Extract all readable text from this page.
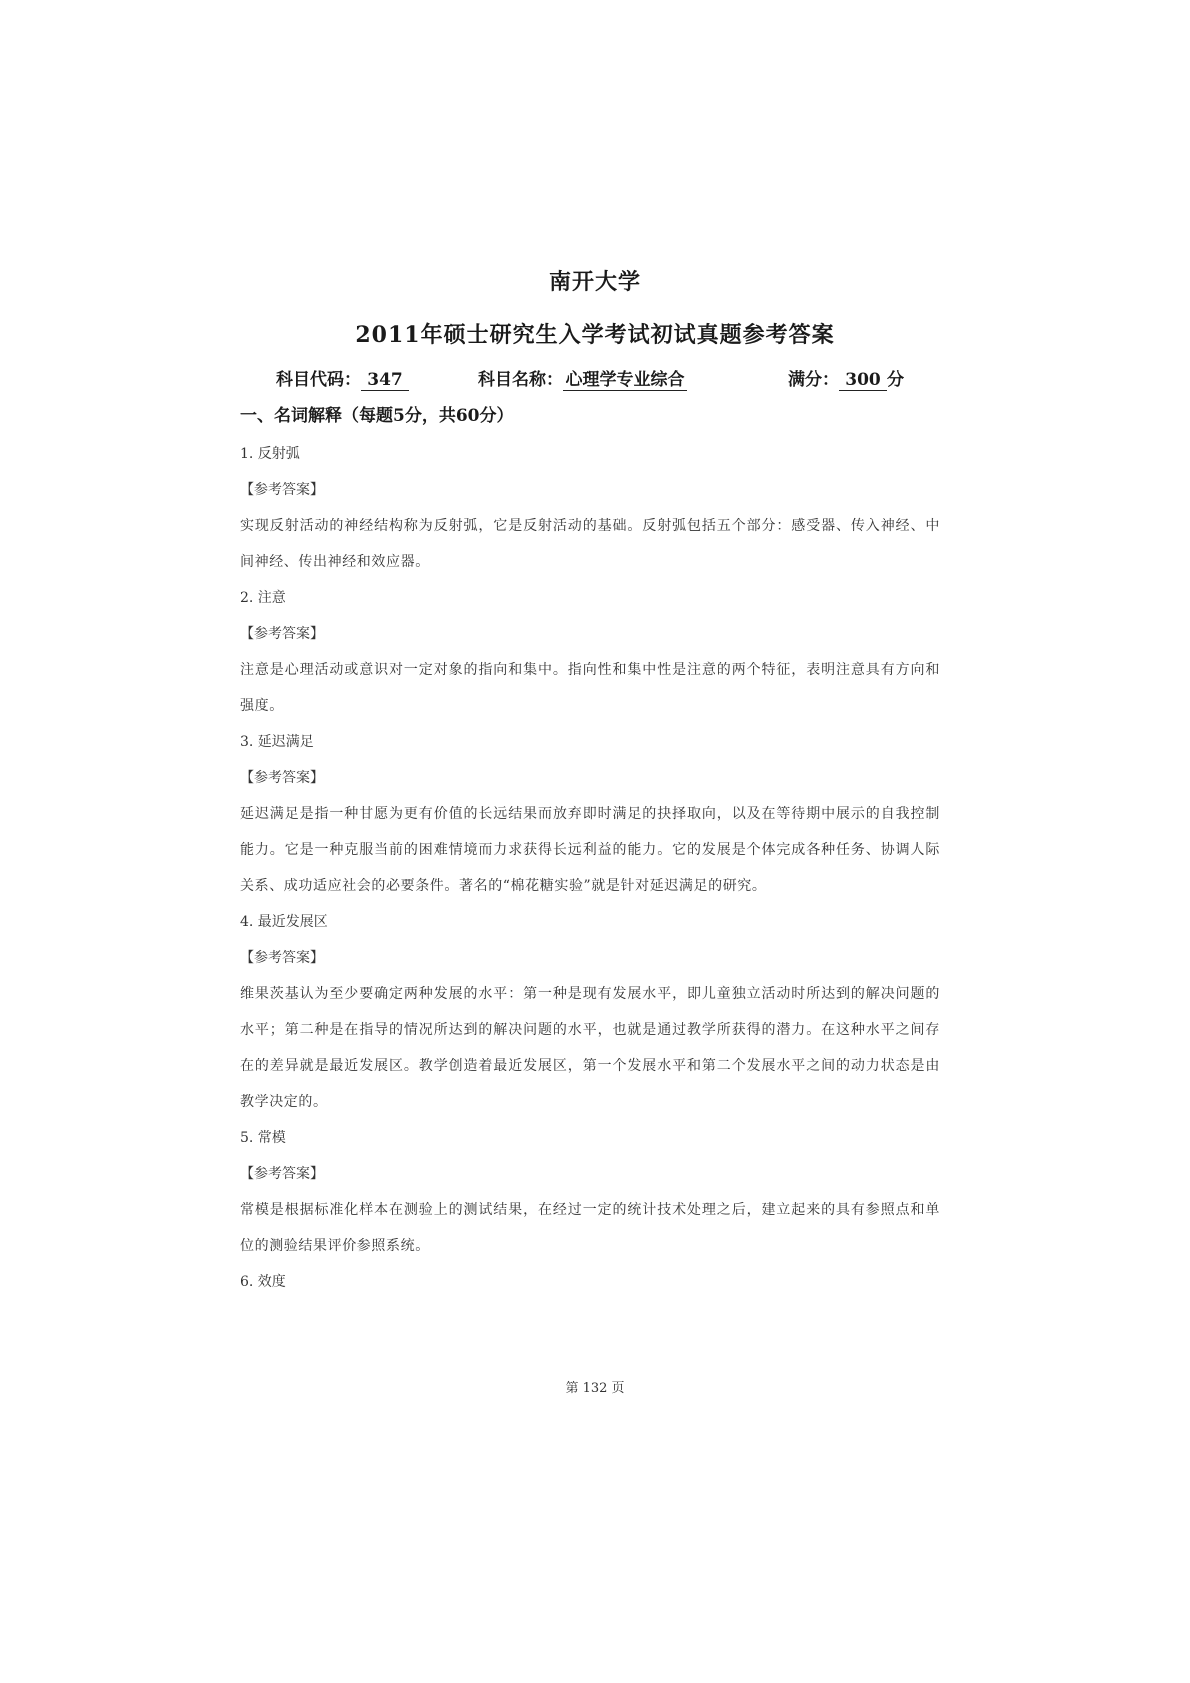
南开大学
2011年硕士研究生入学考试初试真题参考答案
科目代码： 347	科目名称： 心理学专业综合	满分： 300 分
一、名词解释（每题5分，共60分）
1. 反射弧
【参考答案】
实现反射活动的神经结构称为反射弧，它是反射活动的基础。反射弧包括五个部分：感受器、传入神经、中间神经、传出神经和效应器。
2. 注意
【参考答案】
注意是心理活动或意识对一定对象的指向和集中。指向性和集中性是注意的两个特征，表明注意具有方向和强度。
3. 延迟满足
【参考答案】
延迟满足是指一种甘愿为更有价值的长远结果而放弃即时满足的抉择取向，以及在等待期中展示的自我控制能力。它是一种克服当前的困难情境而力求获得长远利益的能力。它的发展是个体完成各种任务、协调人际关系、成功适应社会的必要条件。著名的“棉花糖实验”就是针对延迟满足的研究。
4. 最近发展区
【参考答案】
维果茨基认为至少要确定两种发展的水平：第一种是现有发展水平，即儿童独立活动时所达到的解决问题的水平；第二种是在指导的情况所达到的解决问题的水平，也就是通过教学所获得的潜力。在这种水平之间存在的差异就是最近发展区。教学创造着最近发展区，第一个发展水平和第二个发展水平之间的动力状态是由教学决定的。
5. 常模
【参考答案】
常模是根据标准化样本在测验上的测试结果，在经过一定的统计技术处理之后，建立起来的具有参照点和单位的测验结果评价参照系统。
6. 效度
第 132 页
